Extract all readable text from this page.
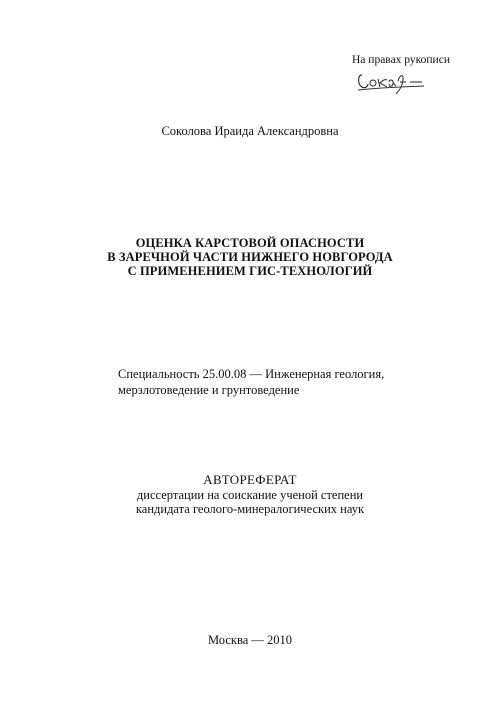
На правах рукописи
Соколова Ираида Александровна
ОЦЕНКА КАРСТОВОЙ ОПАСНОСТИ
В ЗАРЕЧНОЙ ЧАСТИ НИЖНЕГО НОВГОРОДА
С ПРИМЕНЕНИЕМ ГИС-ТЕХНОЛОГИЙ
Специальность 25.00.08 — Инженерная геология,
мерзлотоведение и грунтоведение
АВТОРЕФЕРАТ
диссертации на соискание ученой степени
кандидата геолого-минералогических наук
Москва — 2010
